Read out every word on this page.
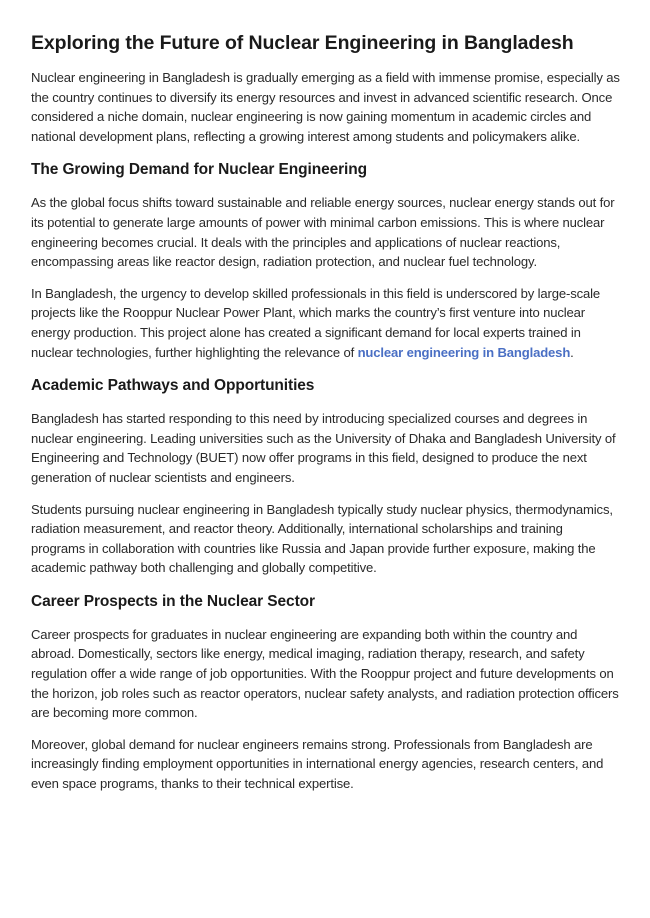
Exploring the Future of Nuclear Engineering in Bangladesh

Nuclear engineering in Bangladesh is gradually emerging as a field with immense promise, especially as the country continues to diversify its energy resources and invest in advanced scientific research. Once considered a niche domain, nuclear engineering is now gaining momentum in academic circles and national development plans, reflecting a growing interest among students and policymakers alike.

The Growing Demand for Nuclear Engineering

As the global focus shifts toward sustainable and reliable energy sources, nuclear energy stands out for its potential to generate large amounts of power with minimal carbon emissions. This is where nuclear engineering becomes crucial. It deals with the principles and applications of nuclear reactions, encompassing areas like reactor design, radiation protection, and nuclear fuel technology.

In Bangladesh, the urgency to develop skilled professionals in this field is underscored by large-scale projects like the Rooppur Nuclear Power Plant, which marks the country’s first venture into nuclear energy production. This project alone has created a significant demand for local experts trained in nuclear technologies, further highlighting the relevance of nuclear engineering in Bangladesh.

Academic Pathways and Opportunities

Bangladesh has started responding to this need by introducing specialized courses and degrees in nuclear engineering. Leading universities such as the University of Dhaka and Bangladesh University of Engineering and Technology (BUET) now offer programs in this field, designed to produce the next generation of nuclear scientists and engineers.

Students pursuing nuclear engineering in Bangladesh typically study nuclear physics, thermodynamics, radiation measurement, and reactor theory. Additionally, international scholarships and training programs in collaboration with countries like Russia and Japan provide further exposure, making the academic pathway both challenging and globally competitive.

Career Prospects in the Nuclear Sector

Career prospects for graduates in nuclear engineering are expanding both within the country and abroad. Domestically, sectors like energy, medical imaging, radiation therapy, research, and safety regulation offer a wide range of job opportunities. With the Rooppur project and future developments on the horizon, job roles such as reactor operators, nuclear safety analysts, and radiation protection officers are becoming more common.

Moreover, global demand for nuclear engineers remains strong. Professionals from Bangladesh are increasingly finding employment opportunities in international energy agencies, research centers, and even space programs, thanks to their technical expertise.
